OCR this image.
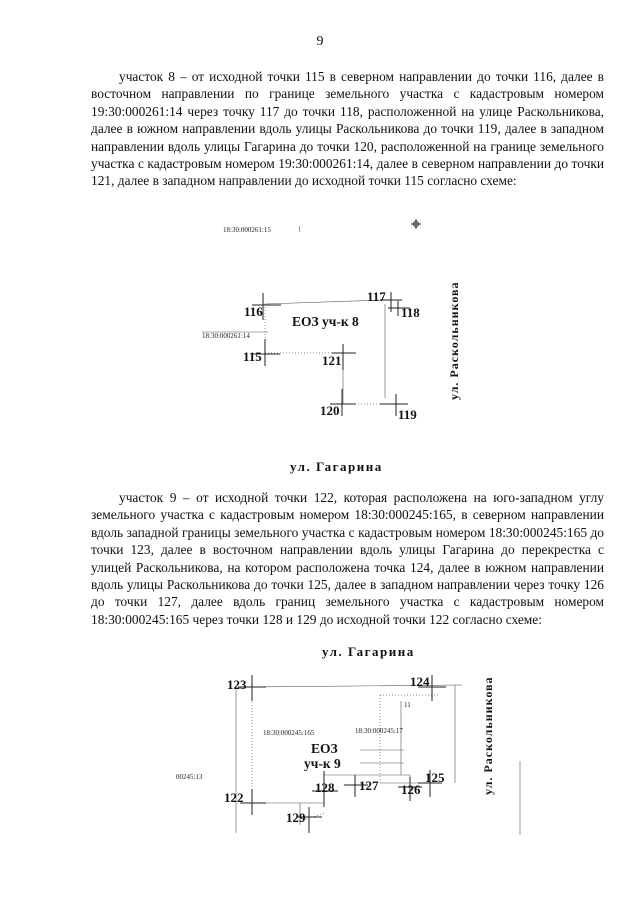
9

участок 8 – от исходной точки 115 в северном направлении до точки 116, далее в восточном направлении по границе земельного участка с кадастровым номером 19:30:000261:14 через точку 117 до точки 118, расположенной на улице Раскольникова, далее в южном направлении вдоль улицы Раскольникова до точки 119, далее в западном направлении вдоль улицы Гагарина до точки 120, расположенной на границе земельного участка с кадастровым номером 19:30:000261:14, далее в северном направлении до точки 121, далее в западном направлении до исходной точки 115 согласно схеме:

18:30:000261:15
116
18:30:000261:14
115
117
118
ЕОЗ уч-к 8
121
120	119
ул. Раскольникова
ул. Гагарина

участок 9 – от исходной точки 122, которая расположена на юго-западном углу земельного участка с кадастровым номером 18:30:000245:165, в северном направлении вдоль западной границы земельного участка с кадастровым номером 18:30:000245:165 до точки 123, далее в восточном направлении вдоль улицы Гагарина до перекрестка с улицей Раскольникова, на котором расположена точка 124, далее в южном направлении вдоль улицы Раскольникова до точки 125, далее в западном направлении через точку 126 до точки 127, далее вдоль границ земельного участка с кадастровым номером 18:30:000245:165 через точки 128 и 129 до исходной точки 122 согласно схеме:

ул. Гагарина
123	124
11
18:30:000245:165	18:30:000245:17
ЕОЗ
уч-к 9
00245:13
122
128 127 126
125
129
ул. Раскольникова
